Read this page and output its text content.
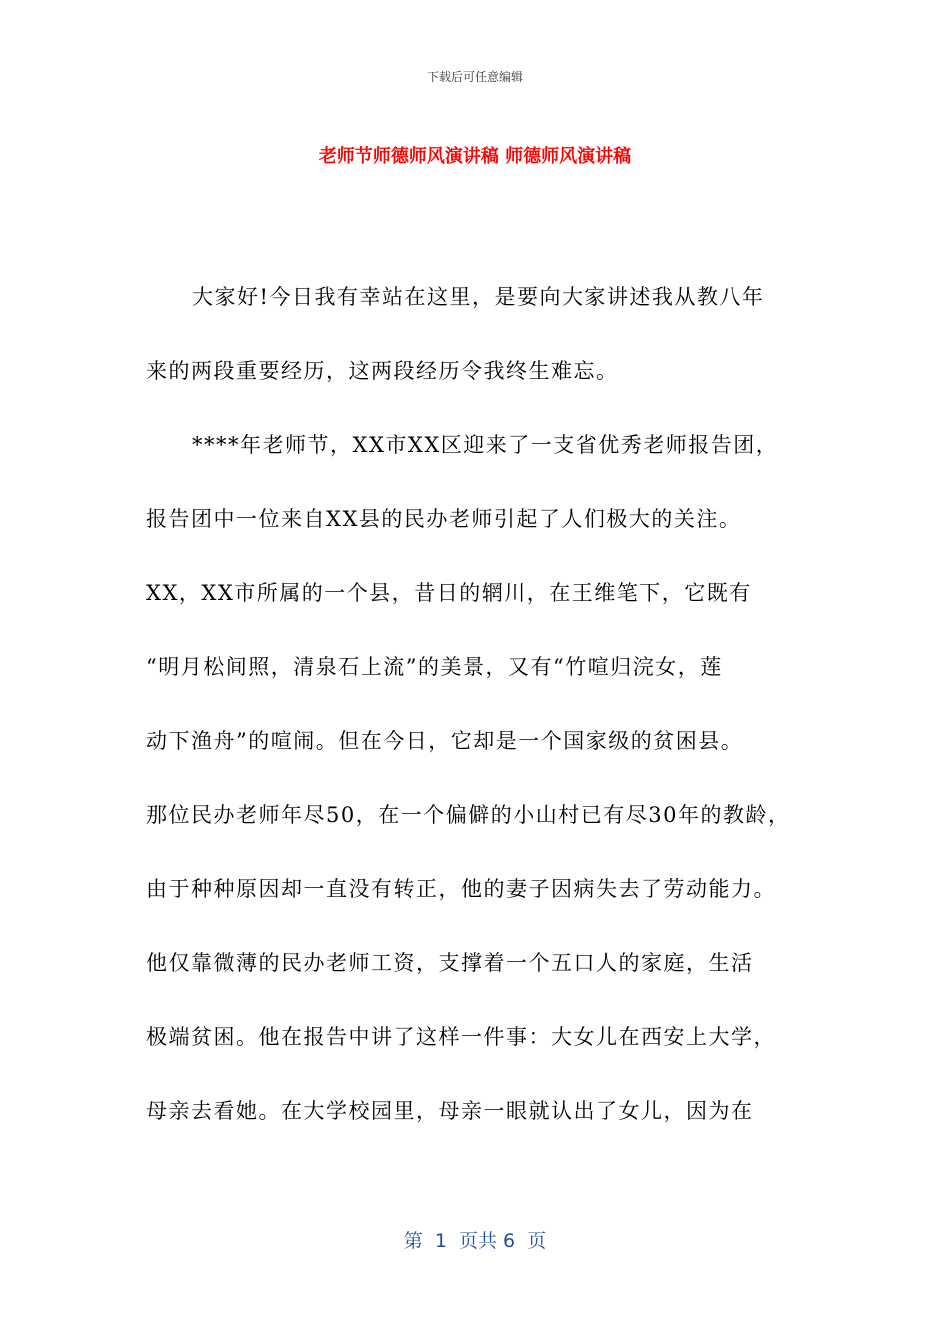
下载后可任意编辑
老师节师德师风演讲稿 师德师风演讲稿
大家好!今日我有幸站在这里，是要向大家讲述我从教八年
来的两段重要经历，这两段经历令我终生难忘。
****年老师节，XX市XX区迎来了一支省优秀老师报告团，
报告团中一位来自XX县的民办老师引起了人们极大的关注。
XX，XX市所属的一个县，昔日的辋川，在王维笔下，它既有
“明月松间照，清泉石上流”的美景，又有“竹喧归浣女，莲
动下渔舟”的喧闹。但在今日，它却是一个国家级的贫困县。
那位民办老师年尽50，在一个偏僻的小山村已有尽30年的教龄，
由于种种原因却一直没有转正，他的妻子因病失去了劳动能力。
他仅靠微薄的民办老师工资，支撑着一个五口人的家庭，生活
极端贫困。他在报告中讲了这样一件事：大女儿在西安上大学，
母亲去看她。在大学校园里，母亲一眼就认出了女儿，因为在
第  1  页共 6  页
